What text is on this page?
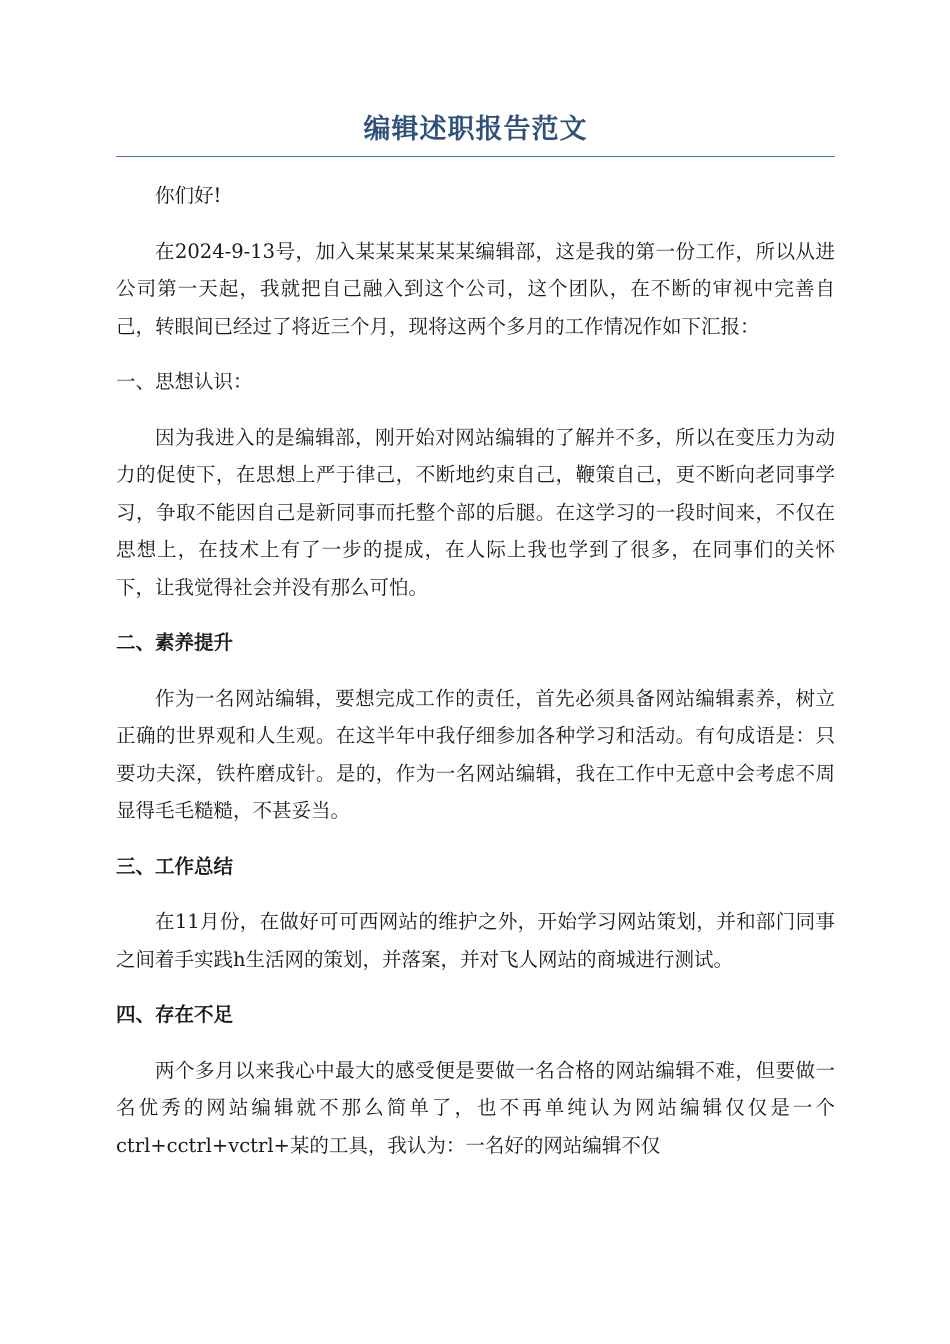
编辑述职报告范文

你们好!

在2024-9-13号，加入某某某某某某编辑部，这是我的第一份工作，所以从进公司第一天起，我就把自己融入到这个公司，这个团队，在不断的审视中完善自己，转眼间已经过了将近三个月，现将这两个多月的工作情况作如下汇报：

一、思想认识：

因为我进入的是编辑部，刚开始对网站编辑的了解并不多，所以在变压力为动力的促使下，在思想上严于律己，不断地约束自己，鞭策自己，更不断向老同事学习，争取不能因自己是新同事而托整个部的后腿。在这学习的一段时间来，不仅在思想上，在技术上有了一步的提成，在人际上我也学到了很多，在同事们的关怀下，让我觉得社会并没有那么可怕。

二、素养提升

作为一名网站编辑，要想完成工作的责任，首先必须具备网站编辑素养，树立正确的世界观和人生观。在这半年中我仔细参加各种学习和活动。有句成语是：只要功夫深，铁杵磨成针。是的，作为一名网站编辑，我在工作中无意中会考虑不周显得毛毛糙糙，不甚妥当。

三、工作总结

在11月份，在做好可可西网站的维护之外，开始学习网站策划，并和部门同事之间着手实践h生活网的策划，并落案，并对飞人网站的商城进行测试。

四、存在不足

两个多月以来我心中最大的感受便是要做一名合格的网站编辑不难，但要做一名优秀的网站编辑就不那么简单了，也不再单纯认为网站编辑仅仅是一个ctrl+cctrl+vctrl+某的工具，我认为：一名好的网站编辑不仅
